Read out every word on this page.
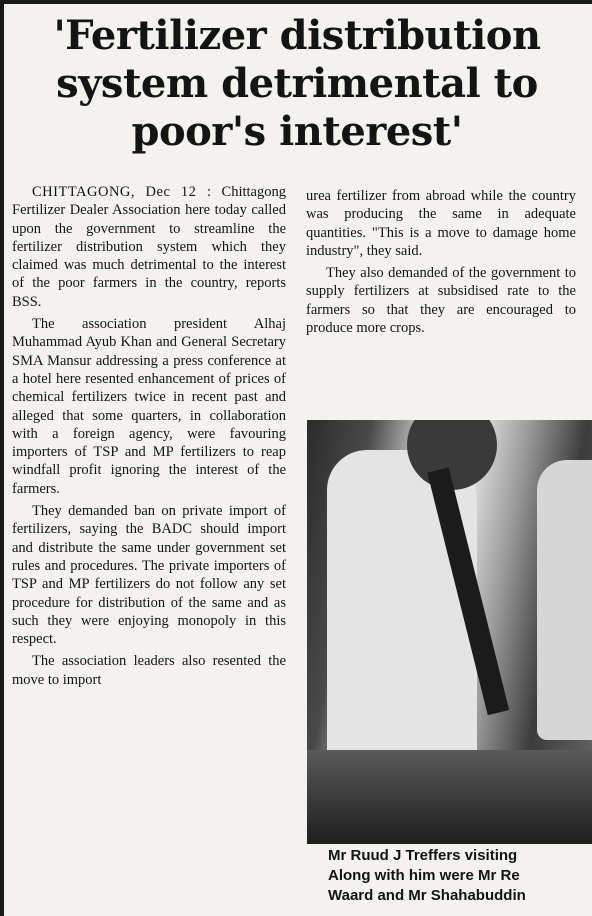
'Fertilizer distribution system detrimental to poor's interest'

CHITTAGONG, Dec 12 : Chittagong Fertilizer Dealer Association here today called upon the government to streamline the fertilizer distribution system which they claimed was much detrimental to the interest of the poor farmers in the country, reports BSS.

The association president Alhaj Muhammad Ayub Khan and General Secretary SMA Mansur addressing a press conference at a hotel here resented enhancement of prices of chemical fertilizers twice in recent past and alleged that some quarters, in collaboration with a foreign agency, were favouring importers of TSP and MP fertilizers to reap windfall profit ignoring the interest of the farmers.

They demanded ban on private import of fertilizers, saying the BADC should import and distribute the same under government set rules and procedures. The private importers of TSP and MP fertilizers do not follow any set procedure for distribution of the same and as such they were enjoying monopoly in this respect.

The association leaders also resented the move to import

urea fertilizer from abroad while the country was producing the same in adequate quantities. "This is a move to damage home industry", they said.

They also demanded of the government to supply fertilizers at subsidised rate to the farmers so that they are encouraged to produce more crops.

Mr Ruud J Treffers visiting
Along with him were Mr Re
Waard and Mr Shahabuddin
